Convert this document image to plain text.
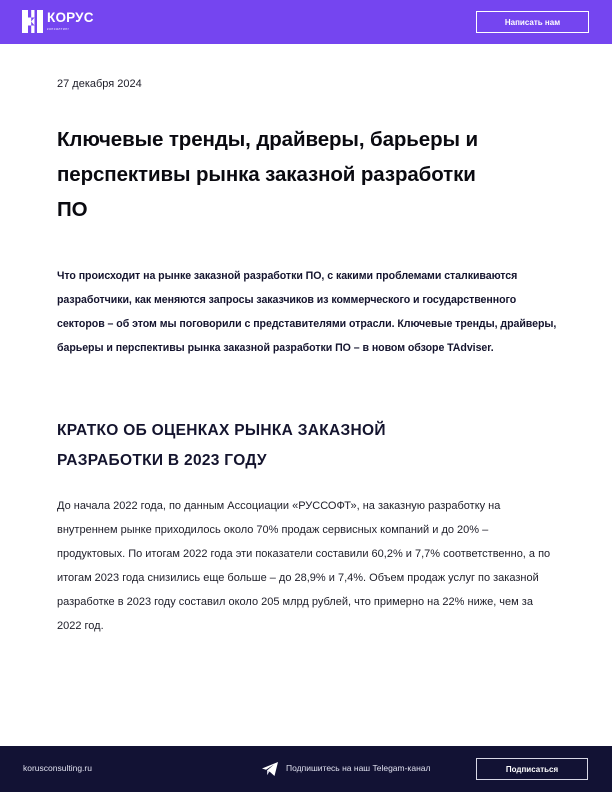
КОРУС
консалтинг
Написать нам
27 декабря 2024
Ключевые тренды, драйверы, барьеры и перспективы рынка заказной разработки ПО

Что происходит на рынке заказной разработки ПО, с какими проблемами сталкиваются разработчики, как меняются запросы заказчиков из коммерческого и государственного секторов – об этом мы поговорили с представителями отрасли. Ключевые тренды, драйверы, барьеры и перспективы рынка заказной разработки ПО – в новом обзоре TAdviser.

КРАТКО ОБ ОЦЕНКАХ РЫНКА ЗАКАЗНОЙ РАЗРАБОТКИ В 2023 ГОДУ

До начала 2022 года, по данным Ассоциации «РУССОФТ», на заказную разработку на внутреннем рынке приходилось около 70% продаж сервисных компаний и до 20% – продуктовых. По итогам 2022 года эти показатели составили 60,2% и 7,7% соответственно, а по итогам 2023 года снизились еще больше – до 28,9% и 7,4%. Объем продаж услуг по заказной разработке в 2023 году составил около 205 млрд рублей, что примерно на 22% ниже, чем за 2022 год.

korusconsulting.ru	Подпишитесь на наш Telegam-канал	Подписаться
